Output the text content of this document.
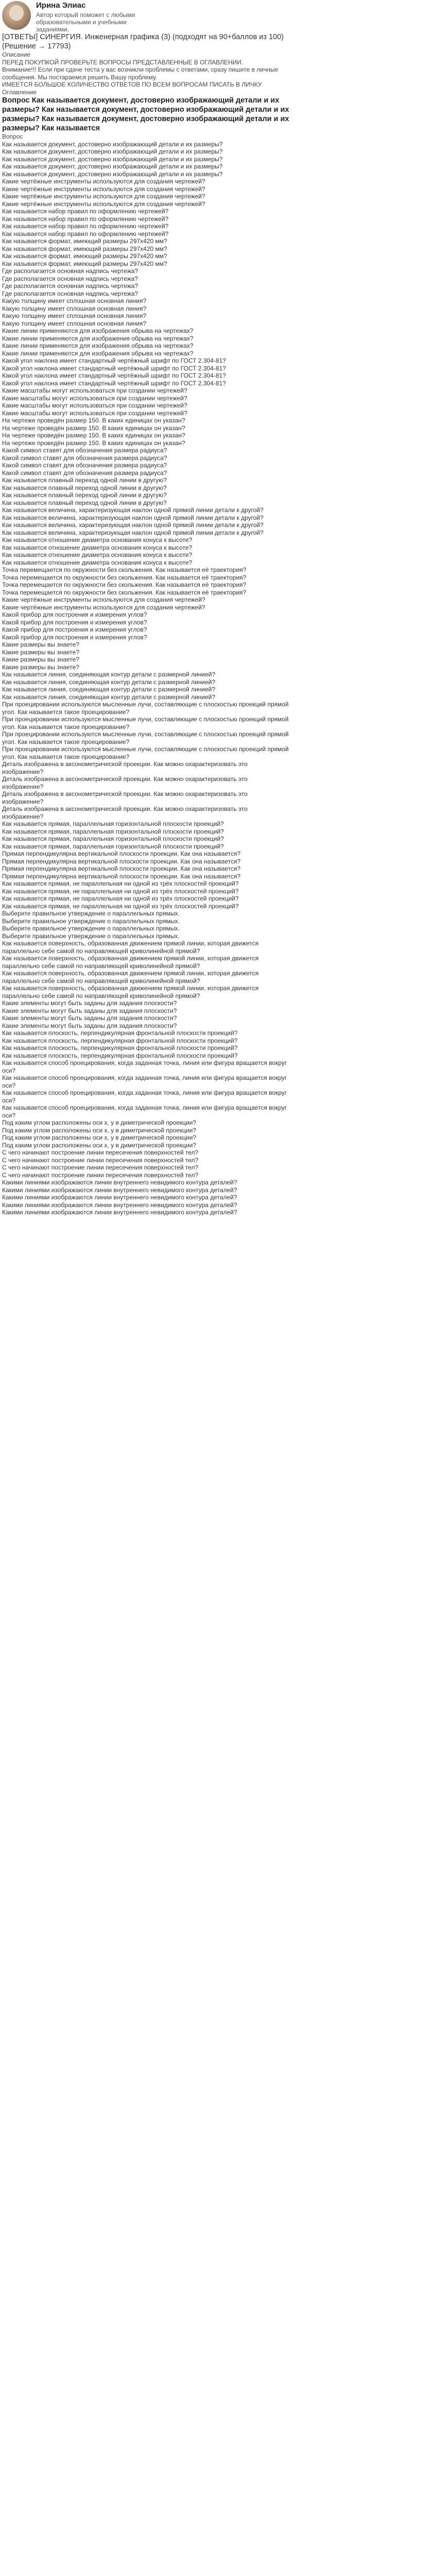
Ирина Элиас
Автор который поможет с любыми образовательными и учебными заданиями.

[ОТВЕТЫ] СИНЕРГИЯ. Инженерная графика (3) (подходят на 90+баллов из 100) (Решение → 17793)

Описание

ПЕРЕД ПОКУПКОЙ ПРОВЕРЬТЕ ВОПРОСЫ ПРЕДСТАВЛЕННЫЕ В ОГЛАВЛЕНИИ.

Внимание!!! Если при сдаче теста у вас возникли проблемы с ответами, сразу пишите в личные сообщения. Мы постараемся решить Вашу проблему.

ИМЕЕТСЯ БОЛЬШОЕ КОЛИЧЕСТВО ОТВЕТОВ ПО ВСЕМ ВОПРОСАМ ПИСАТЬ В ЛИЧКУ

Оглавление

Вопрос Как называется документ, достоверно изображающий детали и их размеры? Как называется документ, достоверно изображающий детали и их размеры? Как называется документ, достоверно изображающий детали и их размеры? Как называется

Вопрос

Как называется документ, достоверно изображающий детали и их размеры?
Как называется документ, достоверно изображающий детали и их размеры?
Как называется документ, достоверно изображающий детали и их размеры?
Как называется документ, достоверно изображающий детали и их размеры?
Как называется документ, достоверно изображающий детали и их размеры?
Какие чертёжные инструменты используются для создания чертежей?
Какие чертёжные инструменты используются для создания чертежей?
Какие чертёжные инструменты используются для создания чертежей?
Какие чертёжные инструменты используются для создания чертежей?
Как называется набор правил по оформлению чертежей?
Как называется набор правил по оформлению чертежей?
Как называется набор правил по оформлению чертежей?
Как называется набор правил по оформлению чертежей?
Как называется формат, имеющий размеры 297х420 мм?
Как называется формат, имеющий размеры 297х420 мм?
Как называется формат, имеющий размеры 297х420 мм?
Как называется формат, имеющий размеры 297х420 мм?
Где располагается основная надпись чертежа?
Где располагается основная надпись чертежа?
Где располагается основная надпись чертежа?
Где располагается основная надпись чертежа?
Какую толщину имеет сплошная основная линия?
Какую толщину имеет сплошная основная линия?
Какую толщину имеет сплошная основная линия?
Какую толщину имеет сплошная основная линия?
Какие линии применяются для изображения обрыва на чертежах?
Какие линии применяются для изображения обрыва на чертежах?
Какие линии применяются для изображения обрыва на чертежах?
Какие линии применяются для изображения обрыва на чертежах?
Какой угол наклона имеет стандартный чертёжный шрифт по ГОСТ 2.304-81?
Какой угол наклона имеет стандартный чертёжный шрифт по ГОСТ 2.304-81?
Какой угол наклона имеет стандартный чертёжный шрифт по ГОСТ 2.304-81?
Какой угол наклона имеет стандартный чертёжный шрифт по ГОСТ 2.304-81?
Какие масштабы могут использоваться при создании чертежей?
Какие масштабы могут использоваться при создании чертежей?
Какие масштабы могут использоваться при создании чертежей?
Какие масштабы могут использоваться при создании чертежей?
На чертеже проведён размер 150. В каких единицах он указан?
На чертеже проведён размер 150. В каких единицах он указан?
На чертеже проведён размер 150. В каких единицах он указан?
На чертеже проведён размер 150. В каких единицах он указан?
Какой символ ставят для обозначения размера радиуса?
Какой символ ставят для обозначения размера радиуса?
Какой символ ставят для обозначения размера радиуса?
Какой символ ставят для обозначения размера радиуса?
Как называется плавный переход одной линии в другую?
Как называется плавный переход одной линии в другую?
Как называется плавный переход одной линии в другую?
Как называется плавный переход одной линии в другую?
Как называется величина, характеризующая наклон одной прямой линии детали к другой?
Как называется величина, характеризующая наклон одной прямой линии детали к другой?
Как называется величина, характеризующая наклон одной прямой линии детали к другой?
Как называется величина, характеризующая наклон одной прямой линии детали к другой?
Как называется отношение диаметра основания конуса к высоте?
Как называется отношение диаметра основания конуса к высоте?
Как называется отношение диаметра основания конуса к высоте?
Как называется отношение диаметра основания конуса к высоте?
Точка перемещается по окружности без скольжения. Как называется её траектория?
Точка перемещается по окружности без скольжения. Как называется её траектория?
Точка перемещается по окружности без скольжения. Как называется её траектория?
Точка перемещается по окружности без скольжения. Как называется её траектория?
Какие чертёжные инструменты используются для создания чертежей?
Какие чертёжные инструменты используются для создания чертежей?
Какой прибор для построения и измерения углов?
Какой прибор для построения и измерения углов?
Какой прибор для построения и измерения углов?
Какой прибор для построения и измерения углов?
Какие размеры вы знаете?
Какие размеры вы знаете?
Какие размеры вы знаете?
Какие размеры вы знаете?
Как называется линия, соединяющая контур детали с размерной линией?
Как называется линия, соединяющая контур детали с размерной линией?
Как называется линия, соединяющая контур детали с размерной линией?
Как называется линия, соединяющая контур детали с размерной линией?
При проецировании используются мысленные лучи, составляющие с плоскостью проекций прямой угол. Как называется такое проецирование?
При проецировании используются мысленные лучи, составляющие с плоскостью проекций прямой угол. Как называется такое проецирование?
При проецировании используются мысленные лучи, составляющие с плоскостью проекций прямой угол. Как называется такое проецирование?
При проецировании используются мысленные лучи, составляющие с плоскостью проекций прямой угол. Как называется такое проецирование?
Деталь изображена в аксонометрической проекции. Как можно охарактеризовать это изображение?
Деталь изображена в аксонометрической проекции. Как можно охарактеризовать это изображение?
Деталь изображена в аксонометрической проекции. Как можно охарактеризовать это изображение?
Деталь изображена в аксонометрической проекции. Как можно охарактеризовать это изображение?
Как называется прямая, параллельная горизонтальной плоскости проекций?
Как называется прямая, параллельная горизонтальной плоскости проекций?
Как называется прямая, параллельная горизонтальной плоскости проекций?
Как называется прямая, параллельная горизонтальной плоскости проекций?
Прямая перпендикулярна вертикальной плоскости проекции. Как она называется?
Прямая перпендикулярна вертикальной плоскости проекции. Как она называется?
Прямая перпендикулярна вертикальной плоскости проекции. Как она называется?
Прямая перпендикулярна вертикальной плоскости проекции. Как она называется?
Как называется прямая, не параллельная ни одной из трёх плоскостей проекций?
Как называется прямая, не параллельная ни одной из трёх плоскостей проекций?
Как называется прямая, не параллельная ни одной из трёх плоскостей проекций?
Как называется прямая, не параллельная ни одной из трёх плоскостей проекций?
Выберите правильное утверждение о параллельных прямых.
Выберите правильное утверждение о параллельных прямых.
Выберите правильное утверждение о параллельных прямых.
Выберите правильное утверждение о параллельных прямых.
Как называется поверхность, образованная движением прямой линии, которая движется параллельно себе самой по направляющей криволинейной прямой?
Как называется поверхность, образованная движением прямой линии, которая движется параллельно себе самой по направляющей криволинейной прямой?
Как называется поверхность, образованная движением прямой линии, которая движется параллельно себе самой по направляющей криволинейной прямой?
Как называется поверхность, образованная движением прямой линии, которая движется параллельно себе самой по направляющей криволинейной прямой?
Какие элементы могут быть заданы для задания плоскости?
Какие элементы могут быть заданы для задания плоскости?
Какие элементы могут быть заданы для задания плоскости?
Какие элементы могут быть заданы для задания плоскости?
Как называется плоскость, перпендикулярная фронтальной плоскости проекций?
Как называется плоскость, перпендикулярная фронтальной плоскости проекций?
Как называется плоскость, перпендикулярная фронтальной плоскости проекций?
Как называется плоскость, перпендикулярная фронтальной плоскости проекций?
Как называется способ проецирования, когда заданная точка, линия или фигура вращается вокруг оси?
Как называется способ проецирования, когда заданная точка, линия или фигура вращается вокруг оси?
Как называется способ проецирования, когда заданная точка, линия или фигура вращается вокруг оси?
Как называется способ проецирования, когда заданная точка, линия или фигура вращается вокруг оси?
Под каким углом расположены оси x, y в диметрической проекции?
Под каким углом расположены оси x, y в диметрической проекции?
Под каким углом расположены оси x, y в диметрической проекции?
Под каким углом расположены оси x, y в диметрической проекции?
С чего начинают построение линии пересечения поверхностей тел?
С чего начинают построение линии пересечения поверхностей тел?
С чего начинают построение линии пересечения поверхностей тел?
С чего начинают построение линии пересечения поверхностей тел?
Какими линиями изображаются линии внутреннего невидимого контура деталей?
Какими линиями изображаются линии внутреннего невидимого контура деталей?
Какими линиями изображаются линии внутреннего невидимого контура деталей?
Какими линиями изображаются линии внутреннего невидимого контура деталей?
Какими линиями изображаются линии внутреннего невидимого контура деталей?
